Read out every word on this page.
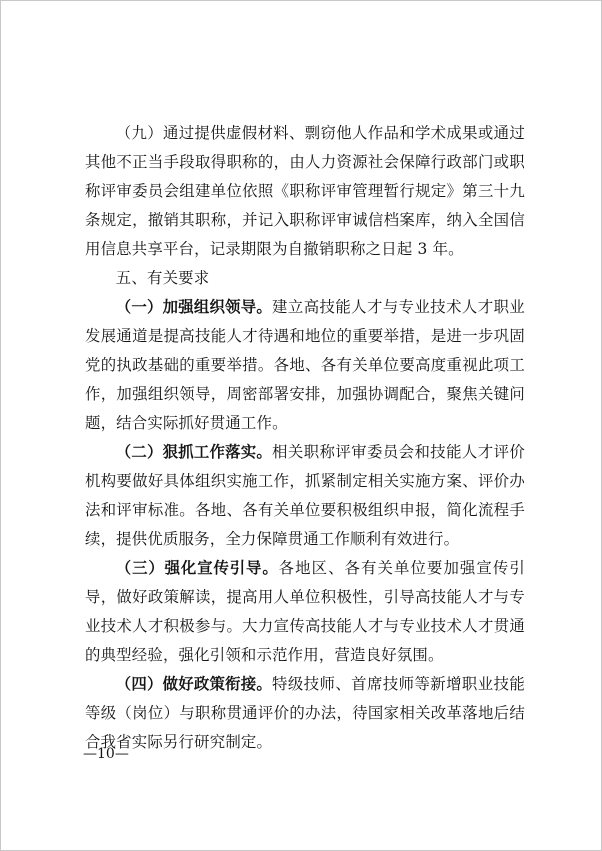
（九）通过提供虚假材料、剽窃他人作品和学术成果或通过其他不正当手段取得职称的，由人力资源社会保障行政部门或职称评审委员会组建单位依照《职称评审管理暂行规定》第三十九条规定，撤销其职称，并记入职称评审诚信档案库，纳入全国信用信息共享平台，记录期限为自撤销职称之日起 3 年。

五、有关要求

（一）加强组织领导。建立高技能人才与专业技术人才职业发展通道是提高技能人才待遇和地位的重要举措，是进一步巩固党的执政基础的重要举措。各地、各有关单位要高度重视此项工作，加强组织领导，周密部署安排，加强协调配合，聚焦关键问题，结合实际抓好贯通工作。

（二）狠抓工作落实。相关职称评审委员会和技能人才评价机构要做好具体组织实施工作，抓紧制定相关实施方案、评价办法和评审标准。各地、各有关单位要积极组织申报，简化流程手续，提供优质服务，全力保障贯通工作顺利有效进行。

（三）强化宣传引导。各地区、各有关单位要加强宣传引导，做好政策解读，提高用人单位积极性，引导高技能人才与专业技术人才积极参与。大力宣传高技能人才与专业技术人才贯通的典型经验，强化引领和示范作用，营造良好氛围。

（四）做好政策衔接。特级技师、首席技师等新增职业技能等级（岗位）与职称贯通评价的办法，待国家相关改革落地后结合我省实际另行研究制定。

—10—
